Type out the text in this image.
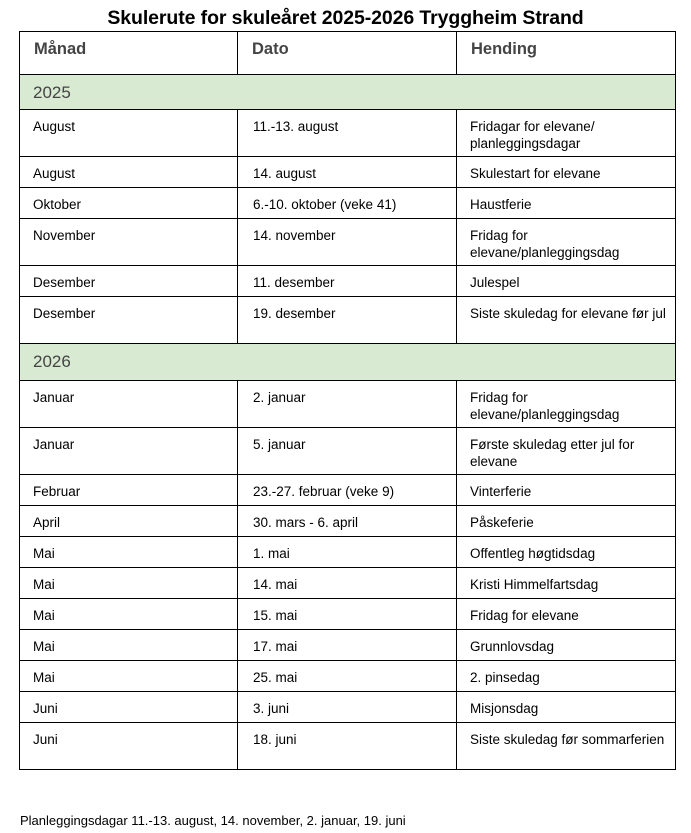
Skulerute for skuleåret 2025-2026 Tryggheim Strand
Månad	Dato	Hending
2025		
August	11.-13. august	Fridagar for elevane/ planleggingsdagar
August	14. august	Skulestart for elevane
Oktober	6.-10. oktober (veke 41)	Haustferie
November	14. november	Fridag for elevane/planleggingsdag
Desember	11. desember	Julespel
Desember	19. desember	Siste skuledag for elevane før jul
2026		
Januar	2. januar	Fridag for elevane/planleggingsdag
Januar	5. januar	Første skuledag etter jul for elevane
Februar	23.-27. februar (veke 9)	Vinterferie
April	30. mars - 6. april	Påskeferie
Mai	1. mai	Offentleg høgtidsdag
Mai	14. mai	Kristi Himmelfartsdag
Mai	15. mai	Fridag for elevane
Mai	17. mai	Grunnlovsdag
Mai	25. mai	2. pinsedag
Juni	3. juni	Misjonsdag
Juni	18. juni	Siste skuledag før sommarferien
Planleggingsdagar 11.-13. august, 14. november, 2. januar, 19. juni
